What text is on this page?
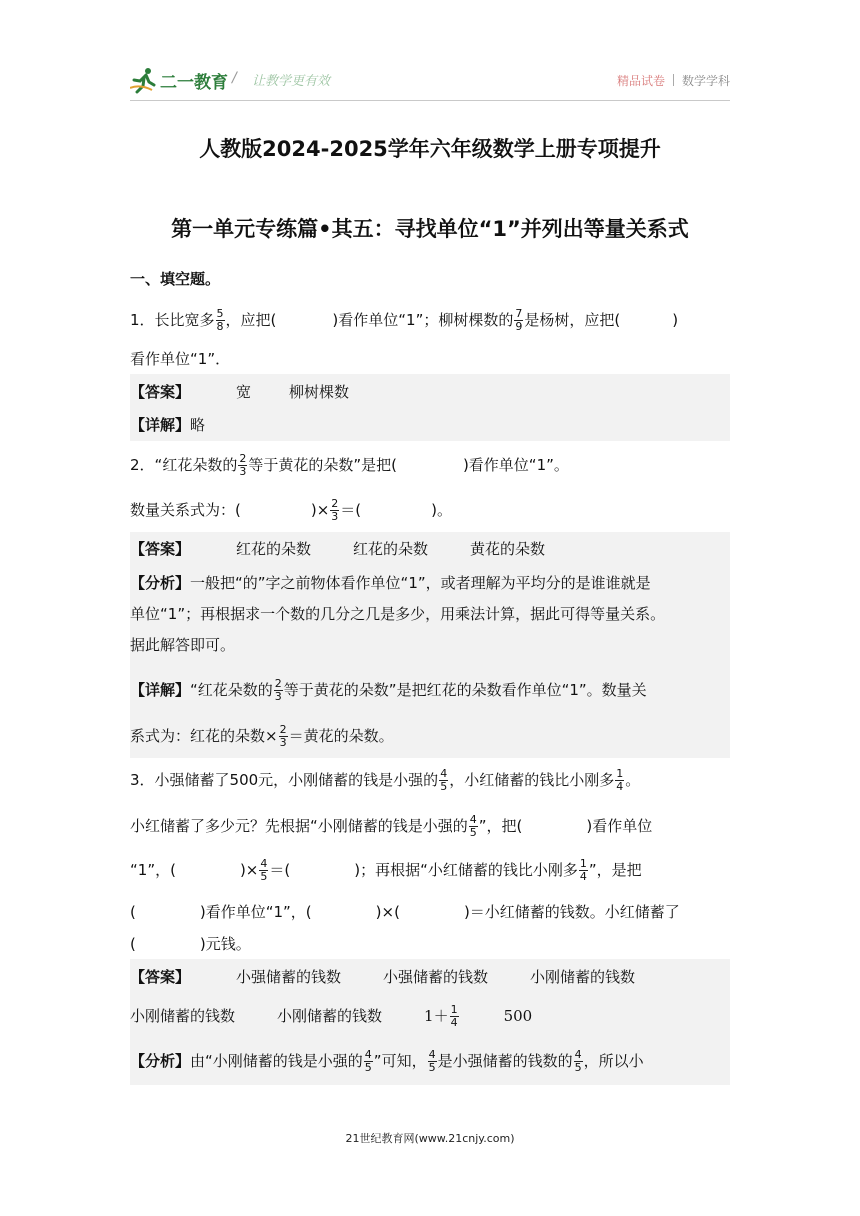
二一教育 / 让教学更有效	精品试卷 数学学科
人教版2024-2025学年六年级数学上册专项提升
第一单元专练篇•其五：寻找单位“1”并列出等量关系式
一、填空题。
1．长比宽多 $\frac{5}{8}$ ，应把(	)看作单位“1”；柳树棵数的 $\frac{7}{9}$ 是杨树，应把(	)
看作单位“1”．
【答案】	宽	柳树棵数
【详解】略
2．“红花朵数的 $\frac{2}{3}$ 等于黄花的朵数”是把(	)看作单位“1”。
数量关系式为：(	)× $\frac{2}{3}$ ＝(	)。
【答案】	红花的朵数	红花的朵数	黄花的朵数
【分析】一般把“的”字之前物体看作单位“1”，或者理解为平均分的是谁谁就是
单位“1”；再根据求一个数的几分之几是多少，用乘法计算，据此可得等量关系。
据此解答即可。
【详解】“红花朵数的 $\frac{2}{3}$ 等于黄花的朵数”是把红花的朵数看作单位“1”。数量关
系式为：红花的朵数× $\frac{2}{3}$ ＝黄花的朵数。
3．小强储蓄了500元，小刚储蓄的钱是小强的 $\frac{4}{5}$ ，小红储蓄的钱比小刚多 $\frac{1}{4}$ 。
小红储蓄了多少元？先根据“小刚储蓄的钱是小强的 $\frac{4}{5}$ ”，把(	)看作单位
“1”，(	)× $\frac{4}{5}$ ＝(	)；再根据“小红储蓄的钱比小刚多 $\frac{1}{4}$ ”，是把
(	)看作单位“1”，(	)×(	)＝小红储蓄的钱数。小红储蓄了
(	)元钱。
【答案】	小强储蓄的钱数	小强储蓄的钱数	小刚储蓄的钱数
小刚储蓄的钱数	小刚储蓄的钱数	$1+ \frac{1}{4}$	500
【分析】由“小刚储蓄的钱是小强的 $\frac{4}{5}$ ”可知， $\frac{4}{5}$ 是小强储蓄的钱数的 $\frac{4}{5}$ ，所以小
21世纪教育网(www.21cnjy.com)
